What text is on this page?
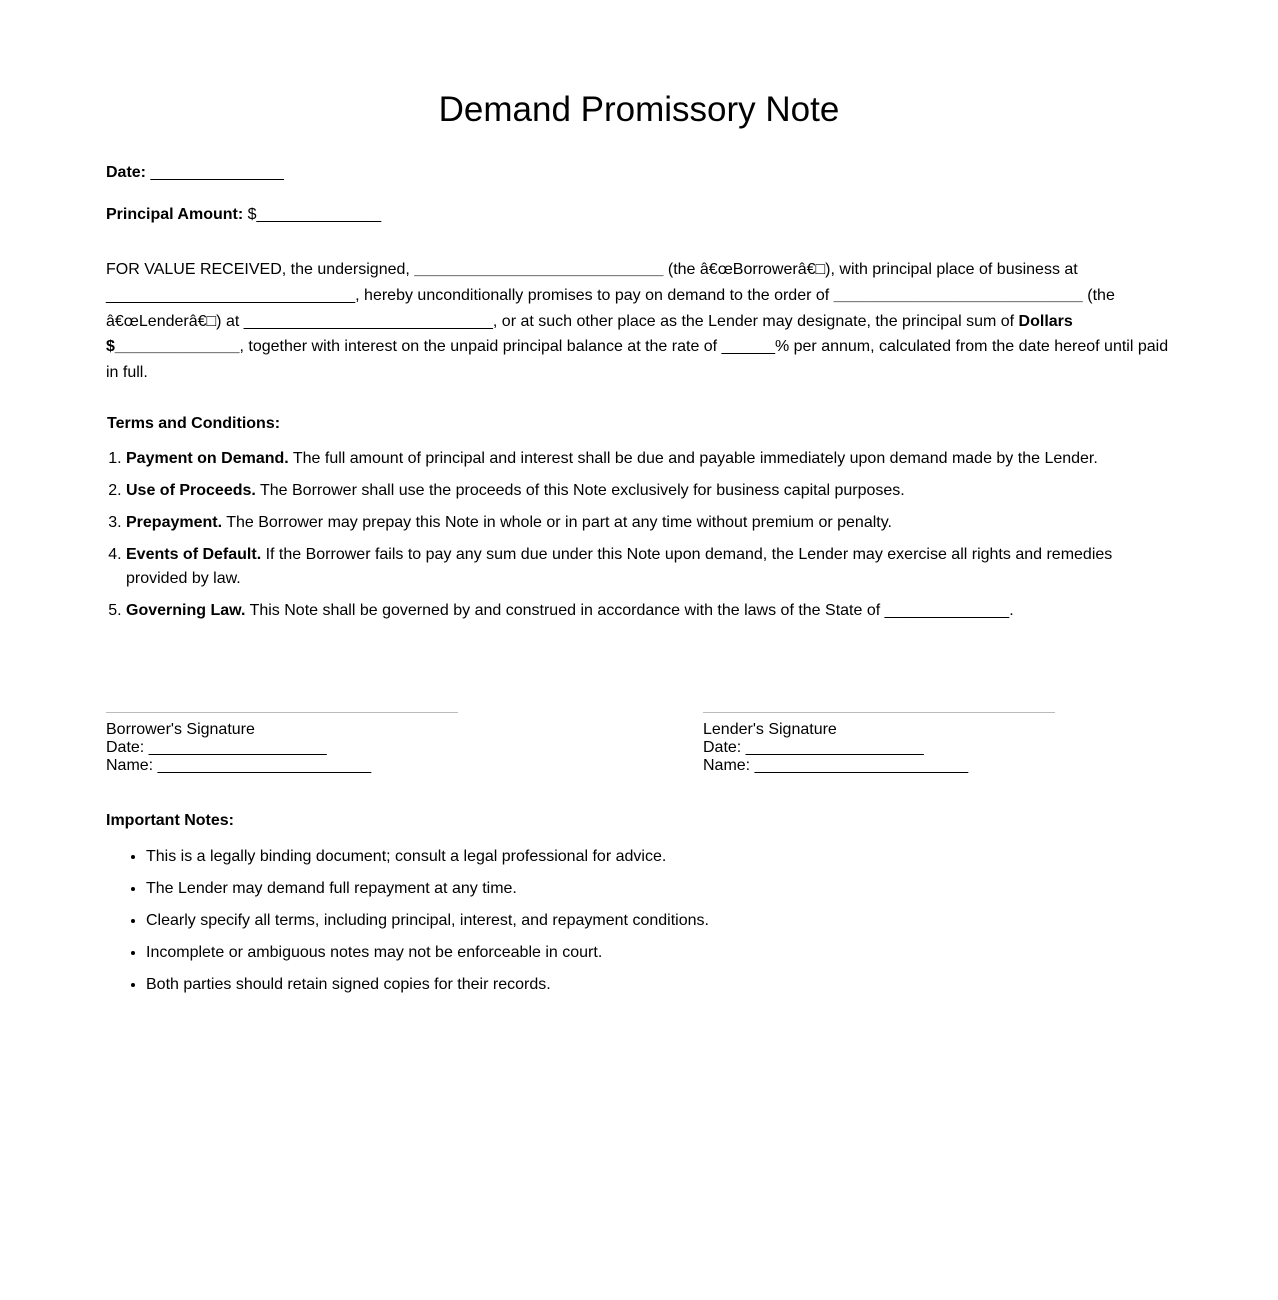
Demand Promissory Note

Date: _______________

Principal Amount: $______________

FOR VALUE RECEIVED, the undersigned, ____________________________ (the â€œBorrowerâ€□), with principal place of business at ____________________________, hereby unconditionally promises to pay on demand to the order of ____________________________ (the â€œLenderâ€□) at ____________________________, or at such other place as the Lender may designate, the principal sum of Dollars
$______________, together with interest on the unpaid principal balance at the rate of ______% per annum, calculated from the date hereof until paid in full.

Terms and Conditions:

1. Payment on Demand. The full amount of principal and interest shall be due and payable immediately upon demand made by the Lender.
2. Use of Proceeds. The Borrower shall use the proceeds of this Note exclusively for business capital purposes.
3. Prepayment. The Borrower may prepay this Note in whole or in part at any time without premium or penalty.
4. Events of Default. If the Borrower fails to pay any sum due under this Note upon demand, the Lender may exercise all rights and remedies provided by law.
5. Governing Law. This Note shall be governed by and construed in accordance with the laws of the State of ______________.
Borrower's Signature
Date: ____________________
Name: ________________________
Lender's Signature
Date: ____________________
Name: ________________________

Important Notes:

• This is a legally binding document; consult a legal professional for advice.
• The Lender may demand full repayment at any time.
• Clearly specify all terms, including principal, interest, and repayment conditions.
• Incomplete or ambiguous notes may not be enforceable in court.
• Both parties should retain signed copies for their records.
